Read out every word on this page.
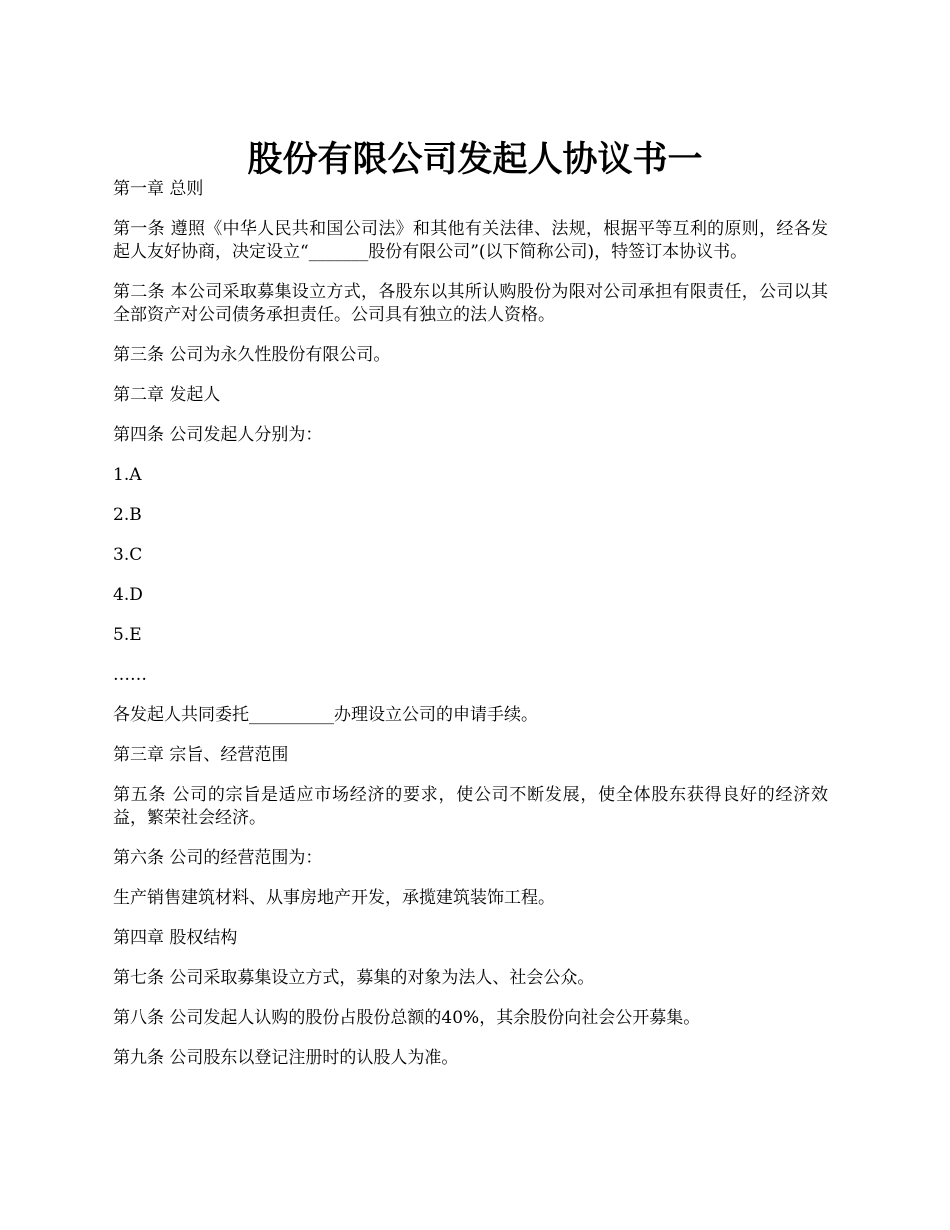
股份有限公司发起人协议书一

第一章 总则

第一条 遵照《中华人民共和国公司法》和其他有关法律、法规，根据平等互利的原则，经各发起人友好协商，决定设立“_______股份有限公司”(以下简称公司)，特签订本协议书。

第二条 本公司采取募集设立方式，各股东以其所认购股份为限对公司承担有限责任，公司以其全部资产对公司债务承担责任。公司具有独立的法人资格。

第三条 公司为永久性股份有限公司。

第二章 发起人

第四条 公司发起人分别为：

1.A

2.B

3.C

4.D

5.E

……

各发起人共同委托__________办理设立公司的申请手续。

第三章 宗旨、经营范围

第五条 公司的宗旨是适应市场经济的要求，使公司不断发展，使全体股东获得良好的经济效益，繁荣社会经济。

第六条 公司的经营范围为：

生产销售建筑材料、从事房地产开发，承揽建筑装饰工程。

第四章 股权结构

第七条 公司采取募集设立方式，募集的对象为法人、社会公众。

第八条 公司发起人认购的股份占股份总额的40%，其余股份向社会公开募集。

第九条 公司股东以登记注册时的认股人为准。
